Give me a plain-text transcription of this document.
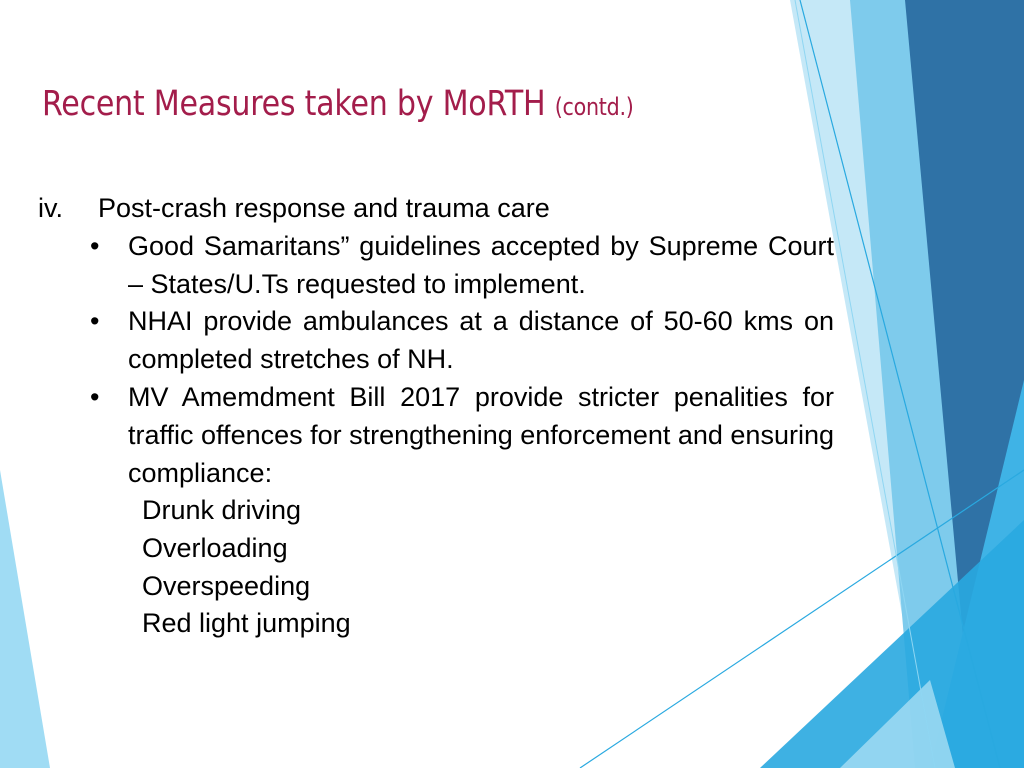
Recent Measures taken by MoRTH (contd.)
iv.	Post-crash response and trauma care
• Good Samaritans” guidelines accepted by Supreme Court – States/U.Ts requested to implement.
• NHAI provide ambulances at a distance of 50-60 kms on completed stretches of NH.
• MV Amemdment Bill 2017 provide stricter penalities for traffic offences for strengthening enforcement and ensuring compliance:
Drunk driving
Overloading
Overspeeding
Red light jumping
